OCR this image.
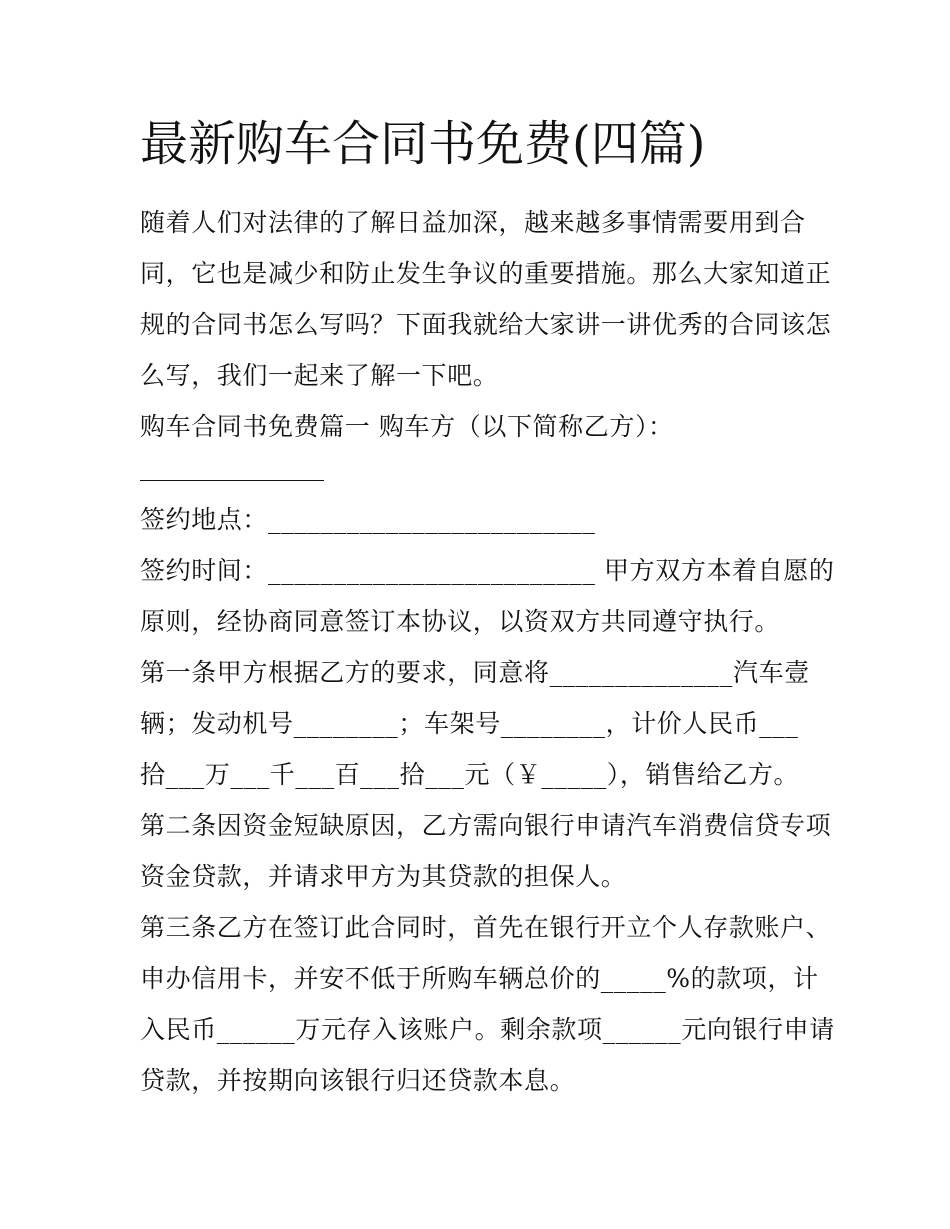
最新购车合同书免费(四篇)
随着人们对法律的了解日益加深，越来越多事情需要用到合
同，它也是减少和防止发生争议的重要措施。那么大家知道正
规的合同书怎么写吗？下面我就给大家讲一讲优秀的合同该怎
么写，我们一起来了解一下吧。
购车合同书免费篇一 购车方（以下简称乙方）：
签约地点：_________________________
签约时间：_________________________ 甲方双方本着自愿的
原则，经协商同意签订本协议，以资双方共同遵守执行。
第一条甲方根据乙方的要求，同意将______________汽车壹
辆；发动机号________；车架号________，计价人民币___
拾___万___千___百___拾___元（￥_____），销售给乙方。
第二条因资金短缺原因，乙方需向银行申请汽车消费信贷专项
资金贷款，并请求甲方为其贷款的担保人。
第三条乙方在签订此合同时，首先在银行开立个人存款账户、
申办信用卡，并安不低于所购车辆总价的_____%的款项，计
入民币______万元存入该账户。剩余款项______元向银行申请
贷款，并按期向该银行归还贷款本息。
